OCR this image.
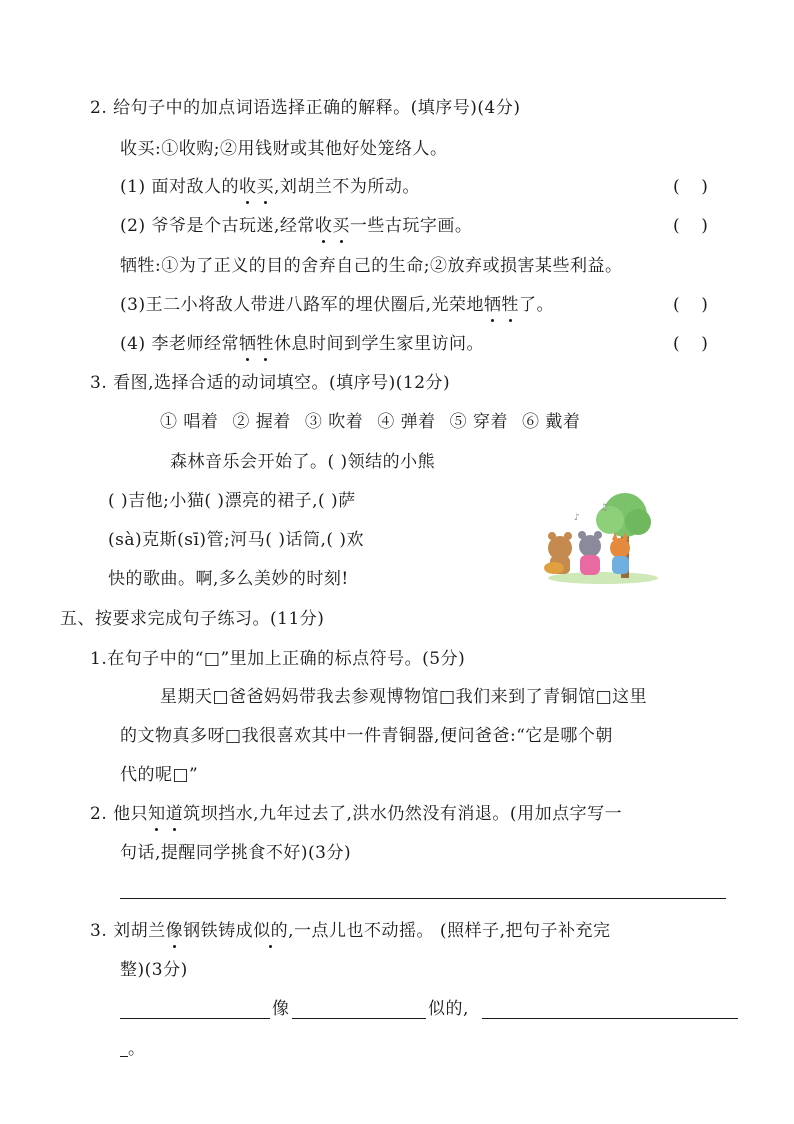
2. 给句子中的加点词语选择正确的解释。(填序号)(4分)
收买:①收购;②用钱财或其他好处笼络人。
(1) 面对敌人的收买,刘胡兰不为所动。	(    )
(2) 爷爷是个古玩迷,经常收买一些古玩字画。	(    )
牺牲:①为了正义的目的舍弃自己的生命;②放弃或损害某些利益。
(3)王二小将敌人带进八路军的埋伏圈后,光荣地牺牲了。	(    )
(4) 李老师经常牺牲休息时间到学生家里访问。	(    )
3. 看图,选择合适的动词填空。(填序号)(12分)
① 唱着 ② 握着 ③ 吹着 ④ 弹着 ⑤ 穿着 ⑥ 戴着
森林音乐会开始了。( )领结的小熊
( )吉他;小猫( )漂亮的裙子,( )萨
(sà)克斯(sī)管;河马( )话筒,( )欢
快的歌曲。啊,多么美妙的时刻!
♪
♫
五、按要求完成句子练习。(11分)
1.在句子中的“□”里加上正确的标点符号。(5分)
星期天□爸爸妈妈带我去参观博物馆□我们来到了青铜馆□这里
的文物真多呀□我很喜欢其中一件青铜器,便问爸爸:“它是哪个朝
代的呢□”
2. 他只知道筑坝挡水,九年过去了,洪水仍然没有消退。(用加点字写一
句话,提醒同学挑食不好)(3分)
3. 刘胡兰像钢铁铸成似的,一点儿也不动摇。 (照样子,把句子补充完
整)(3分)
像	似的,
。
